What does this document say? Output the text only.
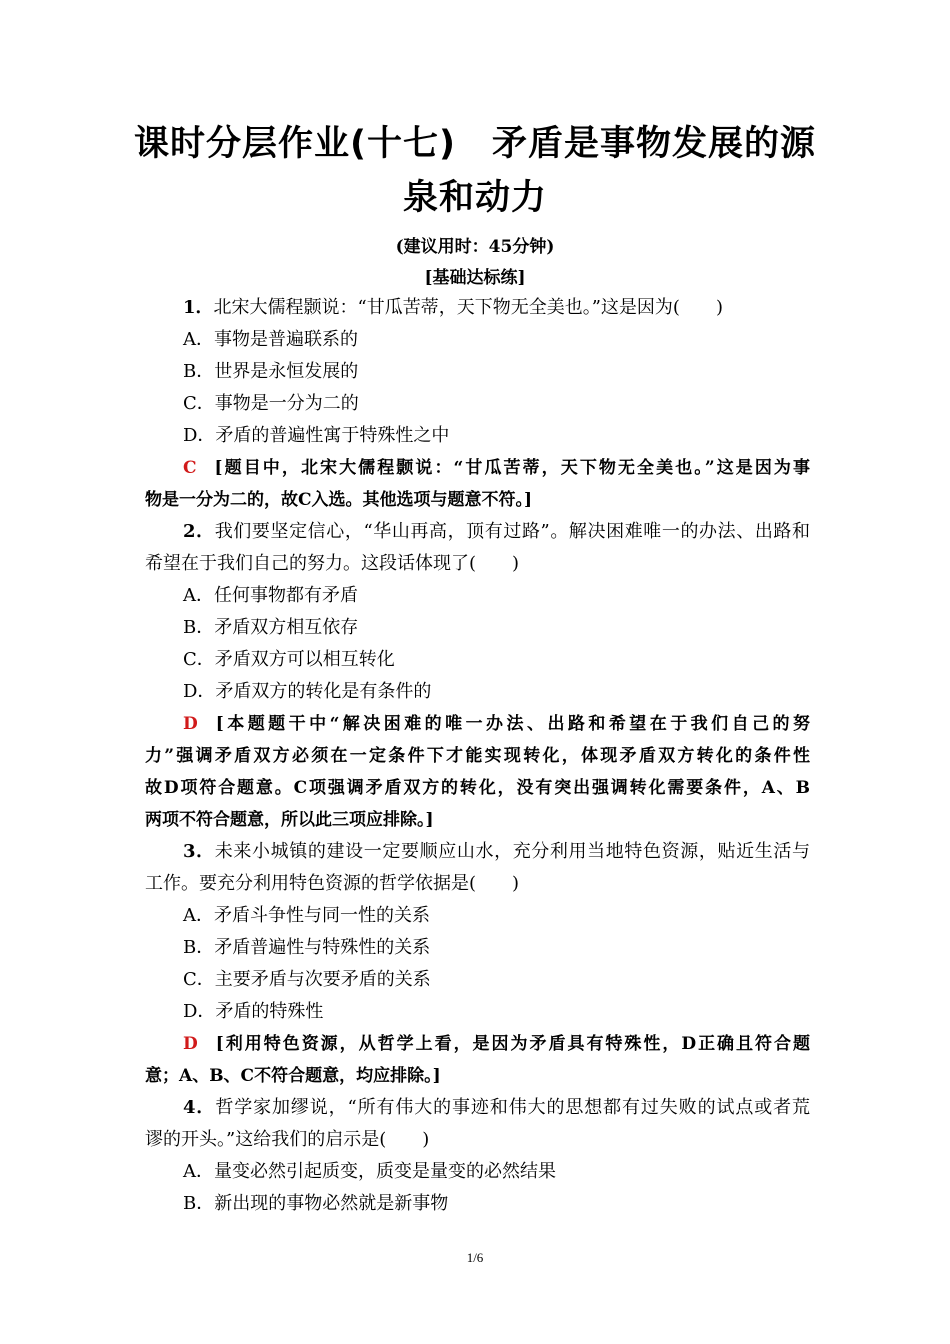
课时分层作业(十七)　矛盾是事物发展的源
泉和动力
(建议用时：45分钟)
[基础达标练]
1．北宋大儒程颢说：“甘瓜苦蒂，天下物无全美也。”这是因为(　　)
A．事物是普遍联系的
B．世界是永恒发展的
C．事物是一分为二的
D．矛盾的普遍性寓于特殊性之中
C [题目中，北宋大儒程颢说：“甘瓜苦蒂，天下物无全美也。”这是因为事
物是一分为二的，故C入选。其他选项与题意不符。]
2．我们要坚定信心，“华山再高，顶有过路”。解决困难唯一的办法、出路和
希望在于我们自己的努力。这段话体现了(　　)
A．任何事物都有矛盾
B．矛盾双方相互依存
C．矛盾双方可以相互转化
D．矛盾双方的转化是有条件的
D [本题题干中“解决困难的唯一办法、出路和希望在于我们自己的努
力”强调矛盾双方必须在一定条件下才能实现转化，体现矛盾双方转化的条件性
故D项符合题意。C项强调矛盾双方的转化，没有突出强调转化需要条件，A、B
两项不符合题意，所以此三项应排除。]
3．未来小城镇的建设一定要顺应山水，充分利用当地特色资源，贴近生活与
工作。要充分利用特色资源的哲学依据是(　　)
A．矛盾斗争性与同一性的关系
B．矛盾普遍性与特殊性的关系
C．主要矛盾与次要矛盾的关系
D．矛盾的特殊性
D [利用特色资源，从哲学上看，是因为矛盾具有特殊性，D正确且符合题
意；A、B、C不符合题意，均应排除。]
4．哲学家加缪说，“所有伟大的事迹和伟大的思想都有过失败的试点或者荒
谬的开头。”这给我们的启示是(　　)
A．量变必然引起质变，质变是量变的必然结果
B．新出现的事物必然就是新事物
1/6
